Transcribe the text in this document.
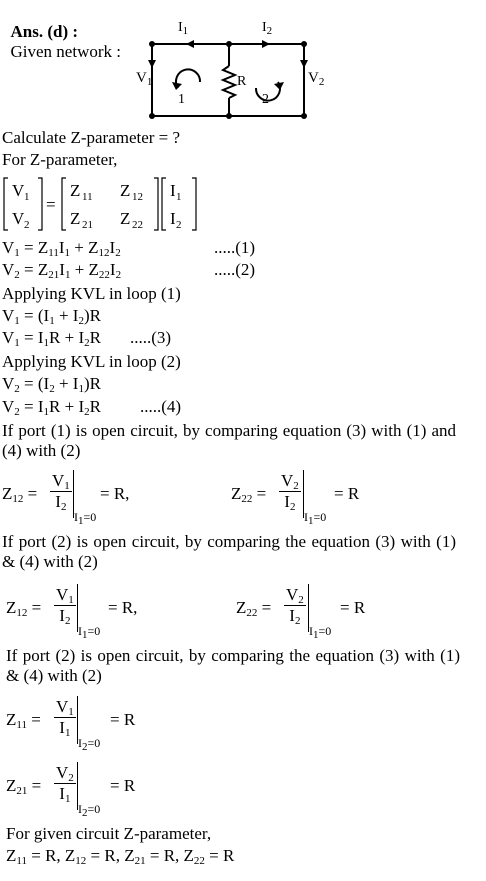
Ans. (d) :
Given network :

$I_1$	$I_2$
$V_1$	$V_2$
R
1	2
Calculate Z-parameter = ?
For Z-parameter,
V 1
V 2
=
Z 11 Z 12
Z 21 Z 22
I 1
I 2
$V_1 = Z_{11}I_1 + Z_{12}I_2$	.....(1)
$V_2 = Z_{21}I_1 + Z_{22}I_2$	.....(2)
Applying KVL in loop (1)
$V_1 = (I_1 + I_2)R$
$V_1 = I_1R + I_2R$ .....(3)
Applying KVL in loop (2)
$V_2 = (I_2 + I_1)R$
$V_2 = I_1R + I_2R$ .....(4)
If port (1) is open circuit, by comparing equation (3) with (1) and (4) with (2)
$Z_{12} = \frac{V_1}{I_2}$
$I_1=0$
= R,	$Z_{22} = \frac{V_2}{I_2}$
$I_1=0$
= R
If port (2) is open circuit, by comparing the equation (3) with (1) & (4) with (2)
$Z_{12} = \frac{V_1}{I_2}$
$I_1=0$
= R,	$Z_{22} = \frac{V_2}{I_2}$
$I_1=0$
= R
If port (2) is open circuit, by comparing the equation (3) with (1) & (4) with (2)
$Z_{11} = \frac{V_1}{I_1}$
$I_2=0$
= R
$Z_{21} = \frac{V_2}{I_1}$
$I_2=0$
= R
For given circuit Z-parameter,
$Z_{11} = R$, $Z_{12} = R$, $Z_{21} = R$, $Z_{22} = R$
